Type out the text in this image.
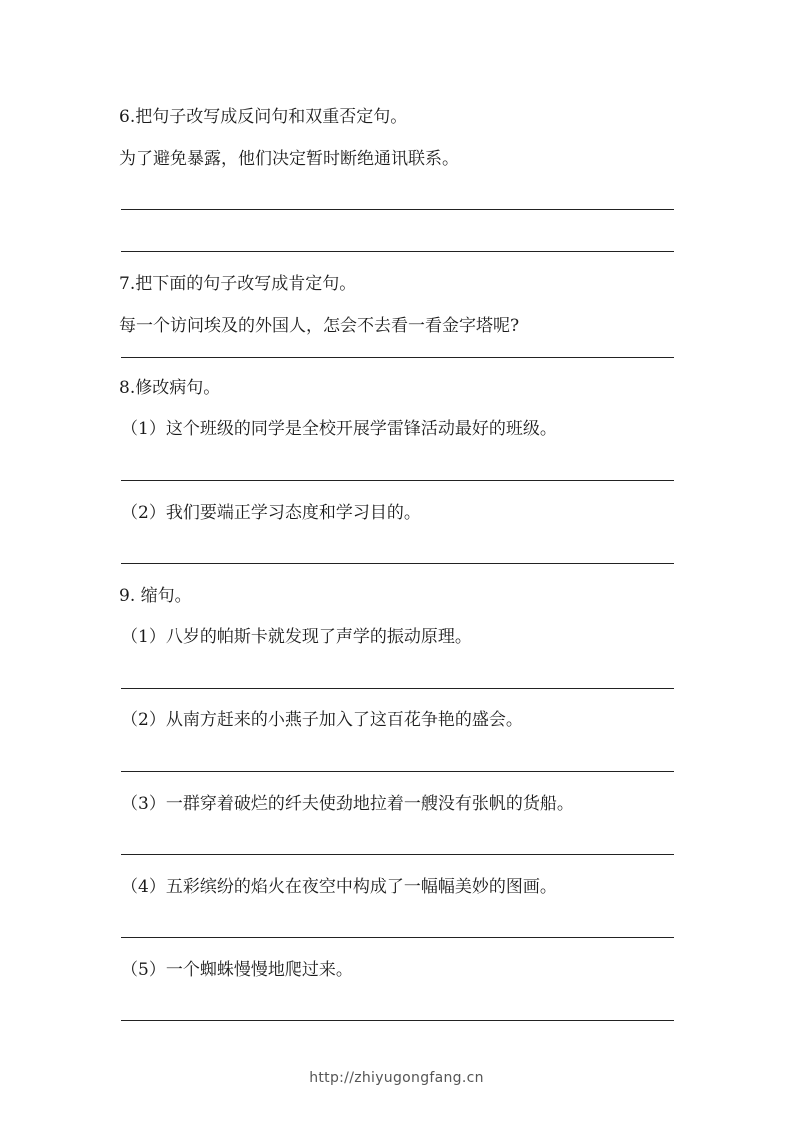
6.把句子改写成反问句和双重否定句。
为了避免暴露，他们决定暂时断绝通讯联系。
7.把下面的句子改写成肯定句。
每一个访问埃及的外国人，怎会不去看一看金字塔呢?
8.修改病句。
（1）这个班级的同学是全校开展学雷锋活动最好的班级。
（2）我们要端正学习态度和学习目的。
9. 缩句。
（1）八岁的帕斯卡就发现了声学的振动原理。
（2）从南方赶来的小燕子加入了这百花争艳的盛会。
（3）一群穿着破烂的纤夫使劲地拉着一艘没有张帆的货船。
（4）五彩缤纷的焰火在夜空中构成了一幅幅美妙的图画。
（5）一个蜘蛛慢慢地爬过来。
http://zhiyugongfang.cn
